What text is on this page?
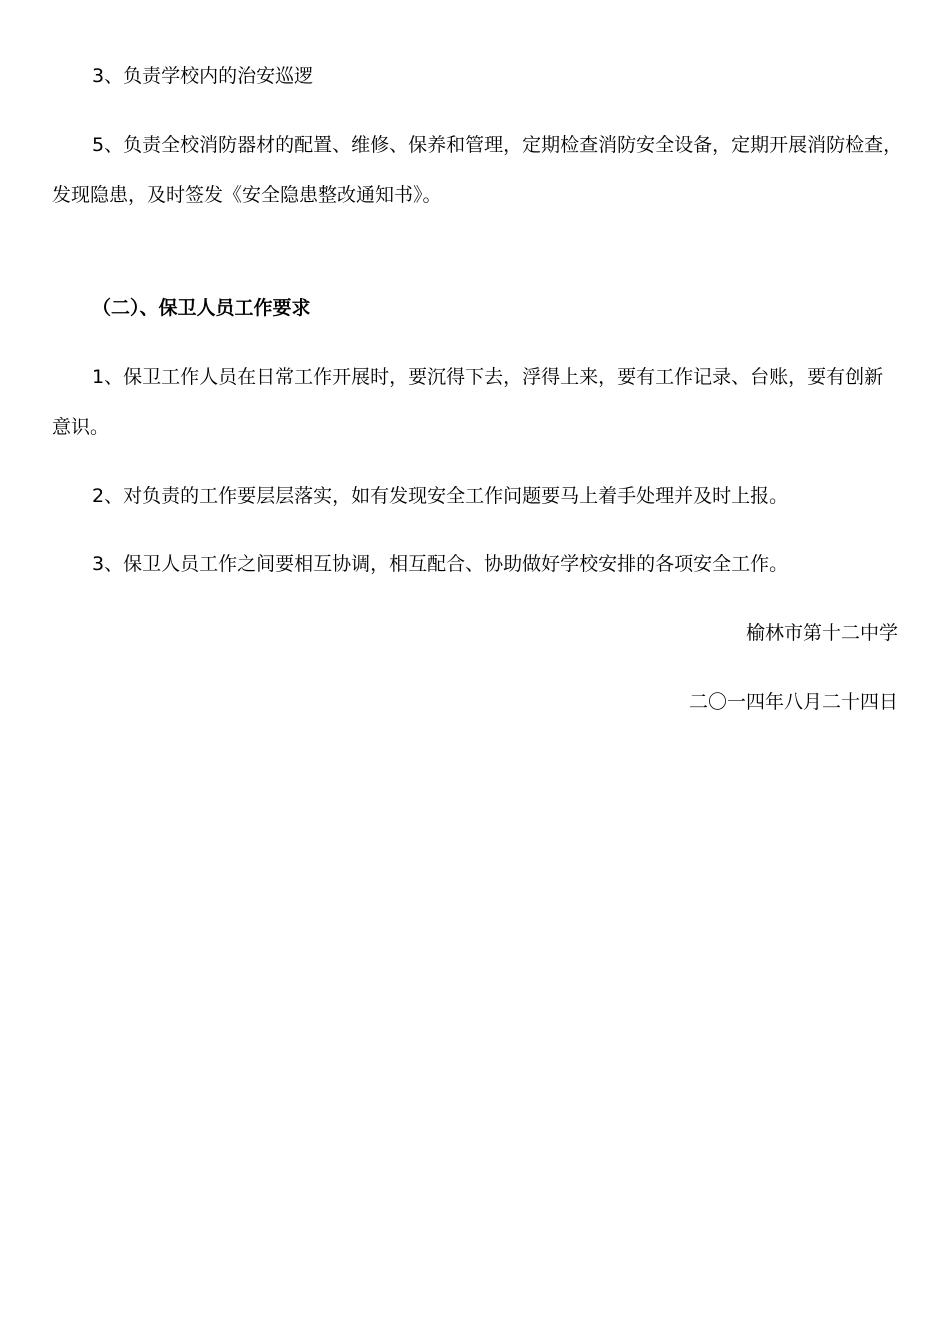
3、负责学校内的治安巡逻
5、负责全校消防器材的配置、维修、保养和管理，定期检查消防安全设备，定期开展消防检查，
发现隐患，及时签发《安全隐患整改通知书》。
（二）、保卫人员工作要求
1、保卫工作人员在日常工作开展时，要沉得下去，浮得上来，要有工作记录、台账，要有创新
意识。
2、对负责的工作要层层落实，如有发现安全工作问题要马上着手处理并及时上报。
3、保卫人员工作之间要相互协调，相互配合、协助做好学校安排的各项安全工作。
榆林市第十二中学
二〇一四年八月二十四日
